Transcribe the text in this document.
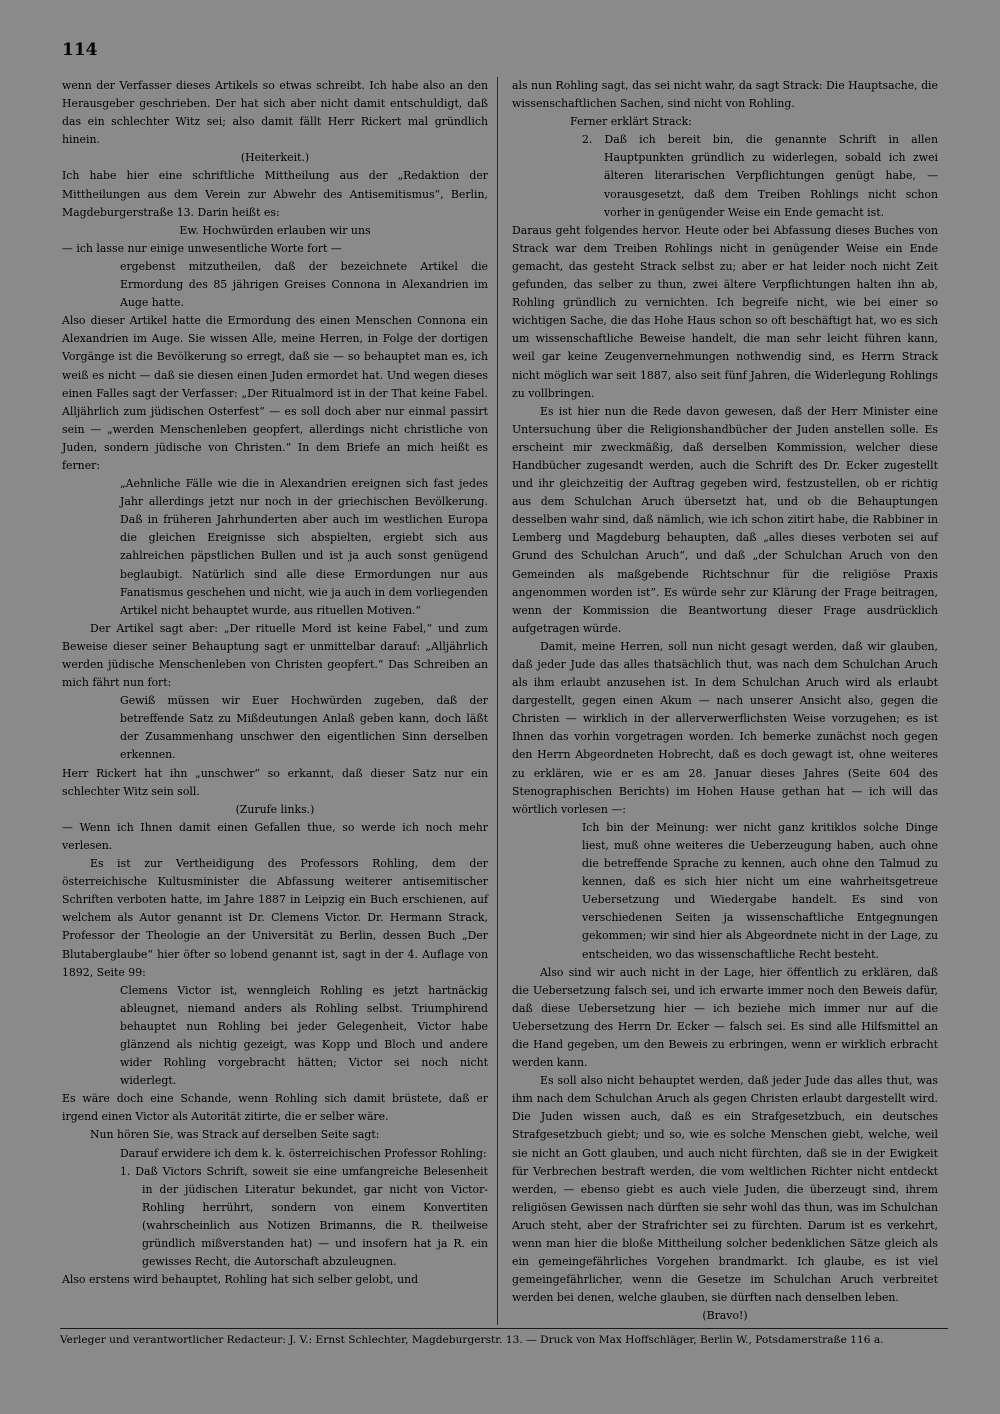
114

wenn der Verfasser dieses Artikels so etwas schreibt. Ich habe also an den Herausgeber geschrieben. Der hat sich aber nicht damit entschuldigt, daß das ein schlechter Witz sei; also damit fällt Herr Rickert mal gründlich hinein.

(Heiterkeit.)

Ich habe hier eine schriftliche Mittheilung aus der „Redaktion der Mittheilungen aus dem Verein zur Abwehr des Antisemitismus“, Berlin, Magdeburgerstraße 13. Darin heißt es:

Ew. Hochwürden erlauben wir uns

— ich lasse nur einige unwesentliche Worte fort —

ergebenst mitzutheilen, daß der bezeichnete Artikel die Ermordung des 85 jährigen Greises Connona in Alexandrien im Auge hatte.

Also dieser Artikel hatte die Ermordung des einen Menschen Connona ein Alexandrien im Auge. Sie wissen Alle, meine Herren, in Folge der dortigen Vorgänge ist die Bevölkerung so erregt, daß sie — so behauptet man es, ich weiß es nicht — daß sie diesen einen Juden ermordet hat. Und wegen dieses einen Falles sagt der Verfasser: „Der Ritualmord ist in der That keine Fabel. Alljährlich zum jüdischen Osterfest“ — es soll doch aber nur einmal passirt sein — „werden Menschenleben geopfert, allerdings nicht christliche von Juden, sondern jüdische von Christen.“ In dem Briefe an mich heißt es ferner:

„Aehnliche Fälle wie die in Alexandrien ereignen sich fast jedes Jahr allerdings jetzt nur noch in der griechischen Bevölkerung. Daß in früheren Jahrhunderten aber auch im westlichen Europa die gleichen Ereignisse sich abspielten, ergiebt sich aus zahlreichen päpstlichen Bullen und ist ja auch sonst genügend beglaubigt. Natürlich sind alle diese Ermordungen nur aus Fanatismus geschehen und nicht, wie ja auch in dem vorliegenden Artikel nicht behauptet wurde, aus rituellen Motiven.“

Der Artikel sagt aber: „Der rituelle Mord ist keine Fabel,“ und zum Beweise dieser seiner Behauptung sagt er unmittelbar darauf: „Alljährlich werden jüdische Menschenleben von Christen geopfert.“ Das Schreiben an mich fährt nun fort:

Gewiß müssen wir Euer Hochwürden zugeben, daß der betreffende Satz zu Mißdeutungen Anlaß geben kann, doch läßt der Zusammenhang unschwer den eigentlichen Sinn derselben erkennen.

Herr Rickert hat ihn „unschwer“ so erkannt, daß dieser Satz nur ein schlechter Witz sein soll.

(Zurufe links.)

— Wenn ich Ihnen damit einen Gefallen thue, so werde ich noch mehr verlesen.

Es ist zur Vertheidigung des Professors Rohling, dem der österreichische Kultusminister die Abfassung weiterer antisemitischer Schriften verboten hatte, im Jahre 1887 in Leipzig ein Buch erschienen, auf welchem als Autor genannt ist Dr. Clemens Victor. Dr. Hermann Strack, Professor der Theologie an der Universität zu Berlin, dessen Buch „Der Blutaberglaube“ hier öfter so lobend genannt ist, sagt in der 4. Auflage von 1892, Seite 99:

Clemens Victor ist, wenngleich Rohling es jetzt hartnäckig ableugnet, niemand anders als Rohling selbst. Triumphirend behauptet nun Rohling bei jeder Gelegenheit, Victor habe glänzend als nichtig gezeigt, was Kopp und Bloch und andere wider Rohling vorgebracht hätten; Victor sei noch nicht widerlegt.

Es wäre doch eine Schande, wenn Rohling sich damit brüstete, daß er irgend einen Victor als Autorität zitirte, die er selber wäre.

Nun hören Sie, was Strack auf derselben Seite sagt:

Darauf erwidere ich dem k. k. österreichischen Professor Rohling:

1. Daß Victors Schrift, soweit sie eine umfangreiche Belesenheit in der jüdischen Literatur bekundet, gar nicht von Victor-Rohling herrührt, sondern von einem Konvertiten (wahrscheinlich aus Notizen Brimanns, die R. theilweise gründlich mißverstanden hat) — und insofern hat ja R. ein gewisses Recht, die Autorschaft abzuleugnen.

Also erstens wird behauptet, Rohling hat sich selber gelobt, und

als nun Rohling sagt, das sei nicht wahr, da sagt Strack: Die Hauptsache, die wissenschaftlichen Sachen, sind nicht von Rohling.

Ferner erklärt Strack:

2. Daß ich bereit bin, die genannte Schrift in allen Hauptpunkten gründlich zu widerlegen, sobald ich zwei älteren literarischen Verpflichtungen genügt habe, — vorausgesetzt, daß dem Treiben Rohlings nicht schon vorher in genügender Weise ein Ende gemacht ist.

Daraus geht folgendes hervor. Heute oder bei Abfassung dieses Buches von Strack war dem Treiben Rohlings nicht in genügender Weise ein Ende gemacht, das gesteht Strack selbst zu; aber er hat leider noch nicht Zeit gefunden, das selber zu thun, zwei ältere Verpflichtungen halten ihn ab, Rohling gründlich zu vernichten. Ich begreife nicht, wie bei einer so wichtigen Sache, die das Hohe Haus schon so oft beschäftigt hat, wo es sich um wissenschaftliche Beweise handelt, die man sehr leicht führen kann, weil gar keine Zeugenvernehmungen nothwendig sind, es Herrn Strack nicht möglich war seit 1887, also seit fünf Jahren, die Widerlegung Rohlings zu vollbringen.

Es ist hier nun die Rede davon gewesen, daß der Herr Minister eine Untersuchung über die Religionshandbücher der Juden anstellen solle. Es erscheint mir zweckmäßig, daß derselben Kommission, welcher diese Handbücher zugesandt werden, auch die Schrift des Dr. Ecker zugestellt und ihr gleichzeitig der Auftrag gegeben wird, festzustellen, ob er richtig aus dem Schulchan Aruch übersetzt hat, und ob die Behauptungen desselben wahr sind, daß nämlich, wie ich schon zitirt habe, die Rabbiner in Lemberg und Magdeburg behaupten, daß „alles dieses verboten sei auf Grund des Schulchan Aruch“, und daß „der Schulchan Aruch von den Gemeinden als maßgebende Richtschnur für die religiöse Praxis angenommen worden ist“. Es würde sehr zur Klärung der Frage beitragen, wenn der Kommission die Beantwortung dieser Frage ausdrücklich aufgetragen würde.

Damit, meine Herren, soll nun nicht gesagt werden, daß wir glauben, daß jeder Jude das alles thatsächlich thut, was nach dem Schulchan Aruch als ihm erlaubt anzusehen ist. In dem Schulchan Aruch wird als erlaubt dargestellt, gegen einen Akum — nach unserer Ansicht also, gegen die Christen — wirklich in der allerverwerflichsten Weise vorzugehen; es ist Ihnen das vorhin vorgetragen worden. Ich bemerke zunächst noch gegen den Herrn Abgeordneten Hobrecht, daß es doch gewagt ist, ohne weiteres zu erklären, wie er es am 28. Januar dieses Jahres (Seite 604 des Stenographischen Berichts) im Hohen Hause gethan hat — ich will das wörtlich vorlesen —:

Ich bin der Meinung: wer nicht ganz kritiklos solche Dinge liest, muß ohne weiteres die Ueberzeugung haben, auch ohne die betreffende Sprache zu kennen, auch ohne den Talmud zu kennen, daß es sich hier nicht um eine wahrheitsgetreue Uebersetzung und Wiedergabe handelt. Es sind von verschiedenen Seiten ja wissenschaftliche Entgegnungen gekommen; wir sind hier als Abgeordnete nicht in der Lage, zu entscheiden, wo das wissenschaftliche Recht besteht.

Also sind wir auch nicht in der Lage, hier öffentlich zu erklären, daß die Uebersetzung falsch sei, und ich erwarte immer noch den Beweis dafür, daß diese Uebersetzung hier — ich beziehe mich immer nur auf die Uebersetzung des Herrn Dr. Ecker — falsch sei. Es sind alle Hilfsmittel an die Hand gegeben, um den Beweis zu erbringen, wenn er wirklich erbracht werden kann.

Es soll also nicht behauptet werden, daß jeder Jude das alles thut, was ihm nach dem Schulchan Aruch als gegen Christen erlaubt dargestellt wird. Die Juden wissen auch, daß es ein Strafgesetzbuch, ein deutsches Strafgesetzbuch giebt; und so, wie es solche Menschen giebt, welche, weil sie nicht an Gott glauben, und auch nicht fürchten, daß sie in der Ewigkeit für Verbrechen bestraft werden, die vom weltlichen Richter nicht entdeckt werden, — ebenso giebt es auch viele Juden, die überzeugt sind, ihrem religiösen Gewissen nach dürften sie sehr wohl das thun, was im Schulchan Aruch steht, aber der Strafrichter sei zu fürchten. Darum ist es verkehrt, wenn man hier die bloße Mittheilung solcher bedenklichen Sätze gleich als ein gemeingefährliches Vorgehen brandmarkt. Ich glaube, es ist viel gemeingefährlicher, wenn die Gesetze im Schulchan Aruch verbreitet werden bei denen, welche glauben, sie dürften nach denselben leben.

(Bravo!)

Verleger und verantwortlicher Redacteur: J. V.: Ernst Schlechter, Magdeburgerstr. 13. — Druck von Max Hoffschläger, Berlin W., Potsdamerstraße 116 a.
